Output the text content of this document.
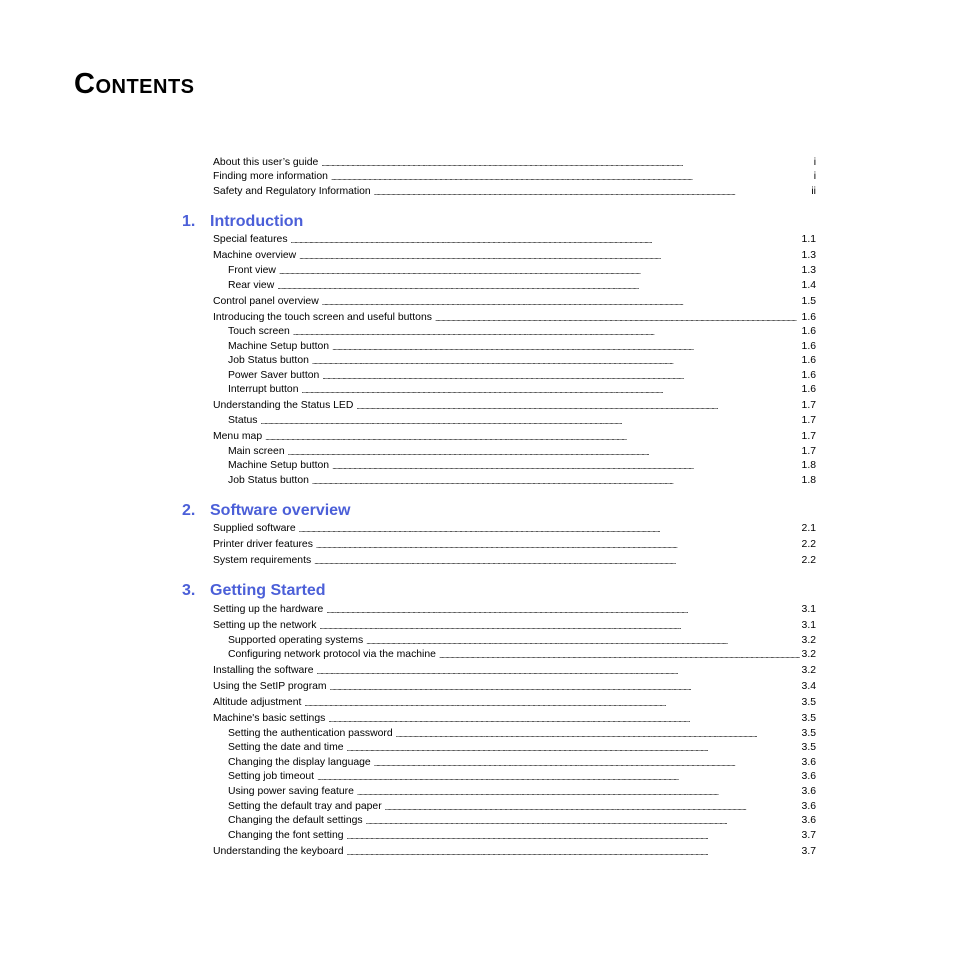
Contents
About this user’s guide . . .	i
Finding more information . . .	i
Safety and Regulatory Information . . .	ii
1. Introduction
Special features . . .	1.1
Machine overview . . .	1.3
Front view . . .	1.3
Rear view . . .	1.4
Control panel overview . . .	1.5
Introducing the touch screen and useful buttons . . .	1.6
Touch screen . . .	1.6
Machine Setup button . . .	1.6
Job Status button . . .	1.6
Power Saver button . . .	1.6
Interrupt button . . .	1.6
Understanding the Status LED . . .	1.7
Status . . .	1.7
Menu map . . .	1.7
Main screen . . .	1.7
Machine Setup button . . .	1.8
Job Status button . . .	1.8
2. Software overview
Supplied software . . .	2.1
Printer driver features . . .	2.2
System requirements . . .	2.2
3. Getting Started
Setting up the hardware . . .	3.1
Setting up the network . . .	3.1
Supported operating systems . . .	3.2
Configuring network protocol via the machine . . .	3.2
Installing the software . . .	3.2
Using the SetIP program . . .	3.4
Altitude adjustment . . .	3.5
Machine's basic settings . . .	3.5
Setting the authentication password . . .	3.5
Setting the date and time . . .	3.5
Changing the display language . . .	3.6
Setting job timeout . . .	3.6
Using power saving feature . . .	3.6
Setting the default tray and paper . . .	3.6
Changing the default settings . . .	3.6
Changing the font setting . . .	3.7
Understanding the keyboard . . .	3.7
